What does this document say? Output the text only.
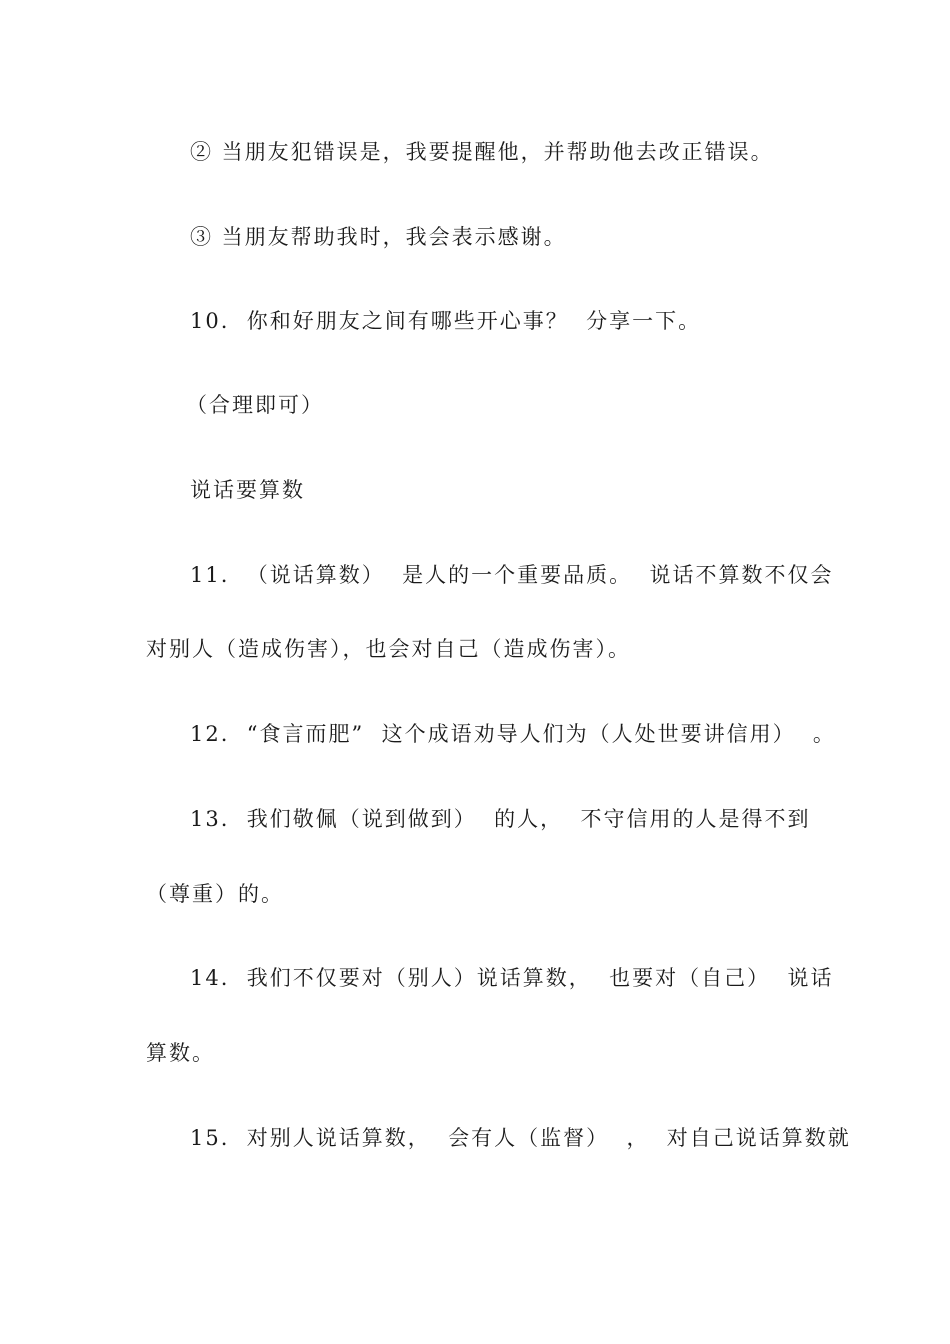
② 当朋友犯错误是，我要提醒他，并帮助他去改正错误。
③ 当朋友帮助我时，我会表示感谢。
10.  你和好朋友之间有哪些开心事？  分享一下。
（合理即可）
说话要算数
11.  （说话算数）  是人的一个重要品质。  说话不算数不仅会
对别人（造成伤害），也会对自己（造成伤害）。
12.  “食言而肥”  这个成语劝导人们为（人处世要讲信用）  。
13.  我们敬佩（说到做到）  的人，  不守信用的人是得不到
（尊重）的。
14.  我们不仅要对（别人）说话算数，  也要对（自己）  说话
算数。
15.  对别人说话算数，  会有人（监督）  ，  对自己说话算数就
